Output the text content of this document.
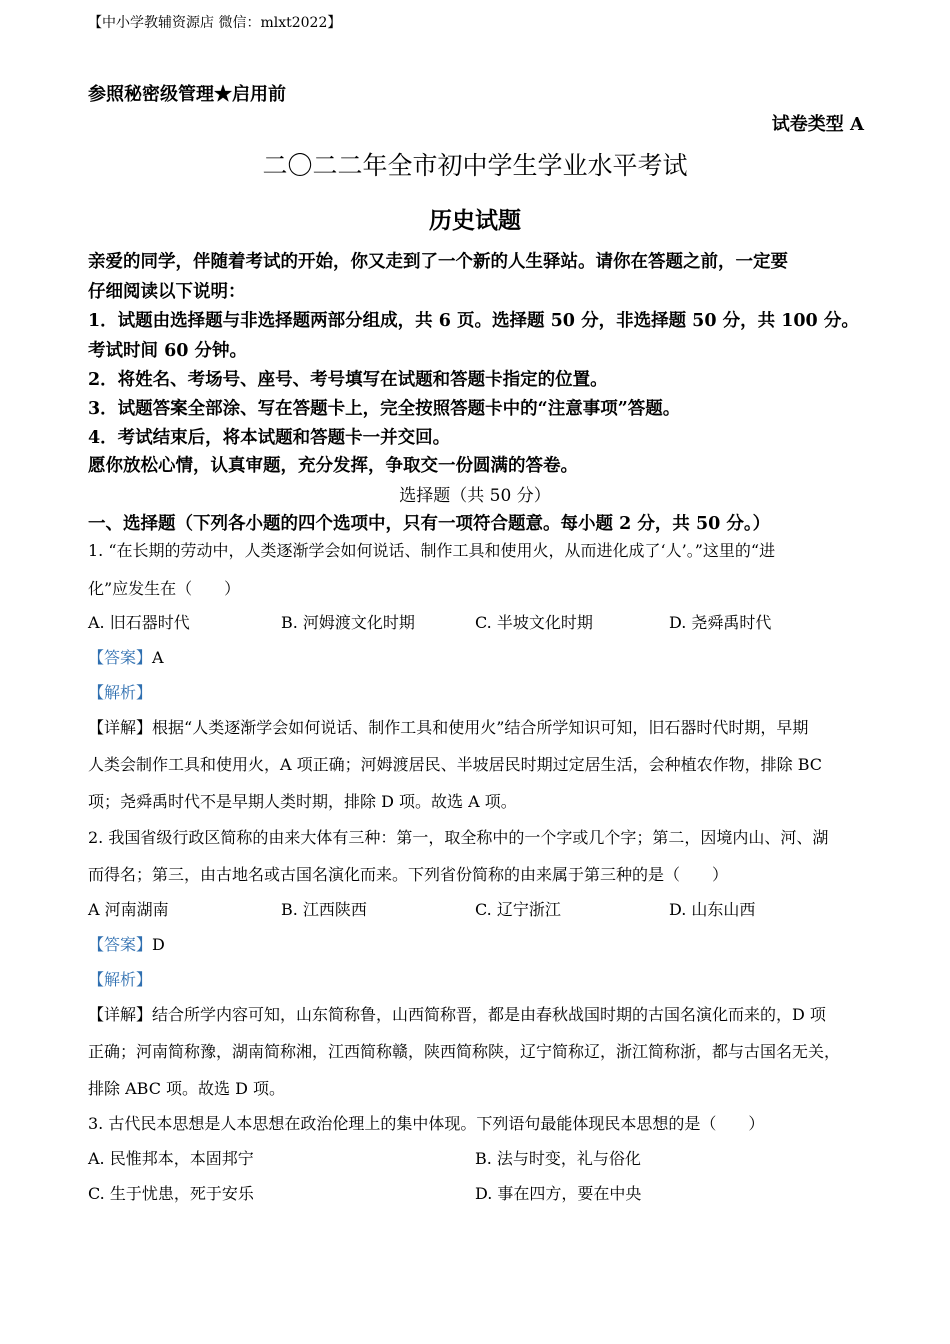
【中小学教辅资源店 微信：mlxt2022】
参照秘密级管理★启用前
试卷类型 A
二〇二二年全市初中学生学业水平考试
历史试题
亲爱的同学，伴随着考试的开始，你又走到了一个新的人生驿站。请你在答题之前，一定要
仔细阅读以下说明：
1．试题由选择题与非选择题两部分组成，共 6 页。选择题 50 分，非选择题 50 分，共 100 分。
考试时间 60 分钟。
2．将姓名、考场号、座号、考号填写在试题和答题卡指定的位置。
3．试题答案全部涂、写在答题卡上，完全按照答题卡中的“注意事项”答题。
4．考试结束后，将本试题和答题卡一并交回。
愿你放松心情，认真审题，充分发挥，争取交一份圆满的答卷。
选择题（共 50 分）
一、选择题（下列各小题的四个选项中，只有一项符合题意。每小题 2 分，共 50 分。）
1. “在长期的劳动中，人类逐渐学会如何说话、制作工具和使用火，从而进化成了‘人’。”这里的“进
化”应发生在（　　）
A. 旧石器时代	B. 河姆渡文化时期	C. 半坡文化时期	D. 尧舜禹时代
【答案】A
【解析】
【详解】根据“人类逐渐学会如何说话、制作工具和使用火”结合所学知识可知，旧石器时代时期，早期
人类会制作工具和使用火，A 项正确；河姆渡居民、半坡居民时期过定居生活，会种植农作物，排除 BC
项；尧舜禹时代不是早期人类时期，排除 D 项。故选 A 项。
2. 我国省级行政区简称的由来大体有三种：第一，取全称中的一个字或几个字；第二，因境内山、河、湖
而得名；第三，由古地名或古国名演化而来。下列省份简称的由来属于第三种的是（　　）
A 河南湖南	B. 江西陕西	C. 辽宁浙江	D. 山东山西
【答案】D
【解析】
【详解】结合所学内容可知，山东简称鲁，山西简称晋，都是由春秋战国时期的古国名演化而来的，D 项
正确；河南简称豫，湖南简称湘，江西简称赣，陕西简称陕，辽宁简称辽，浙江简称浙，都与古国名无关，
排除 ABC 项。故选 D 项。
3. 古代民本思想是人本思想在政治伦理上的集中体现。下列语句最能体现民本思想的是（　　）
A. 民惟邦本，本固邦宁	B. 法与时变，礼与俗化
C. 生于忧患，死于安乐	D. 事在四方，要在中央
